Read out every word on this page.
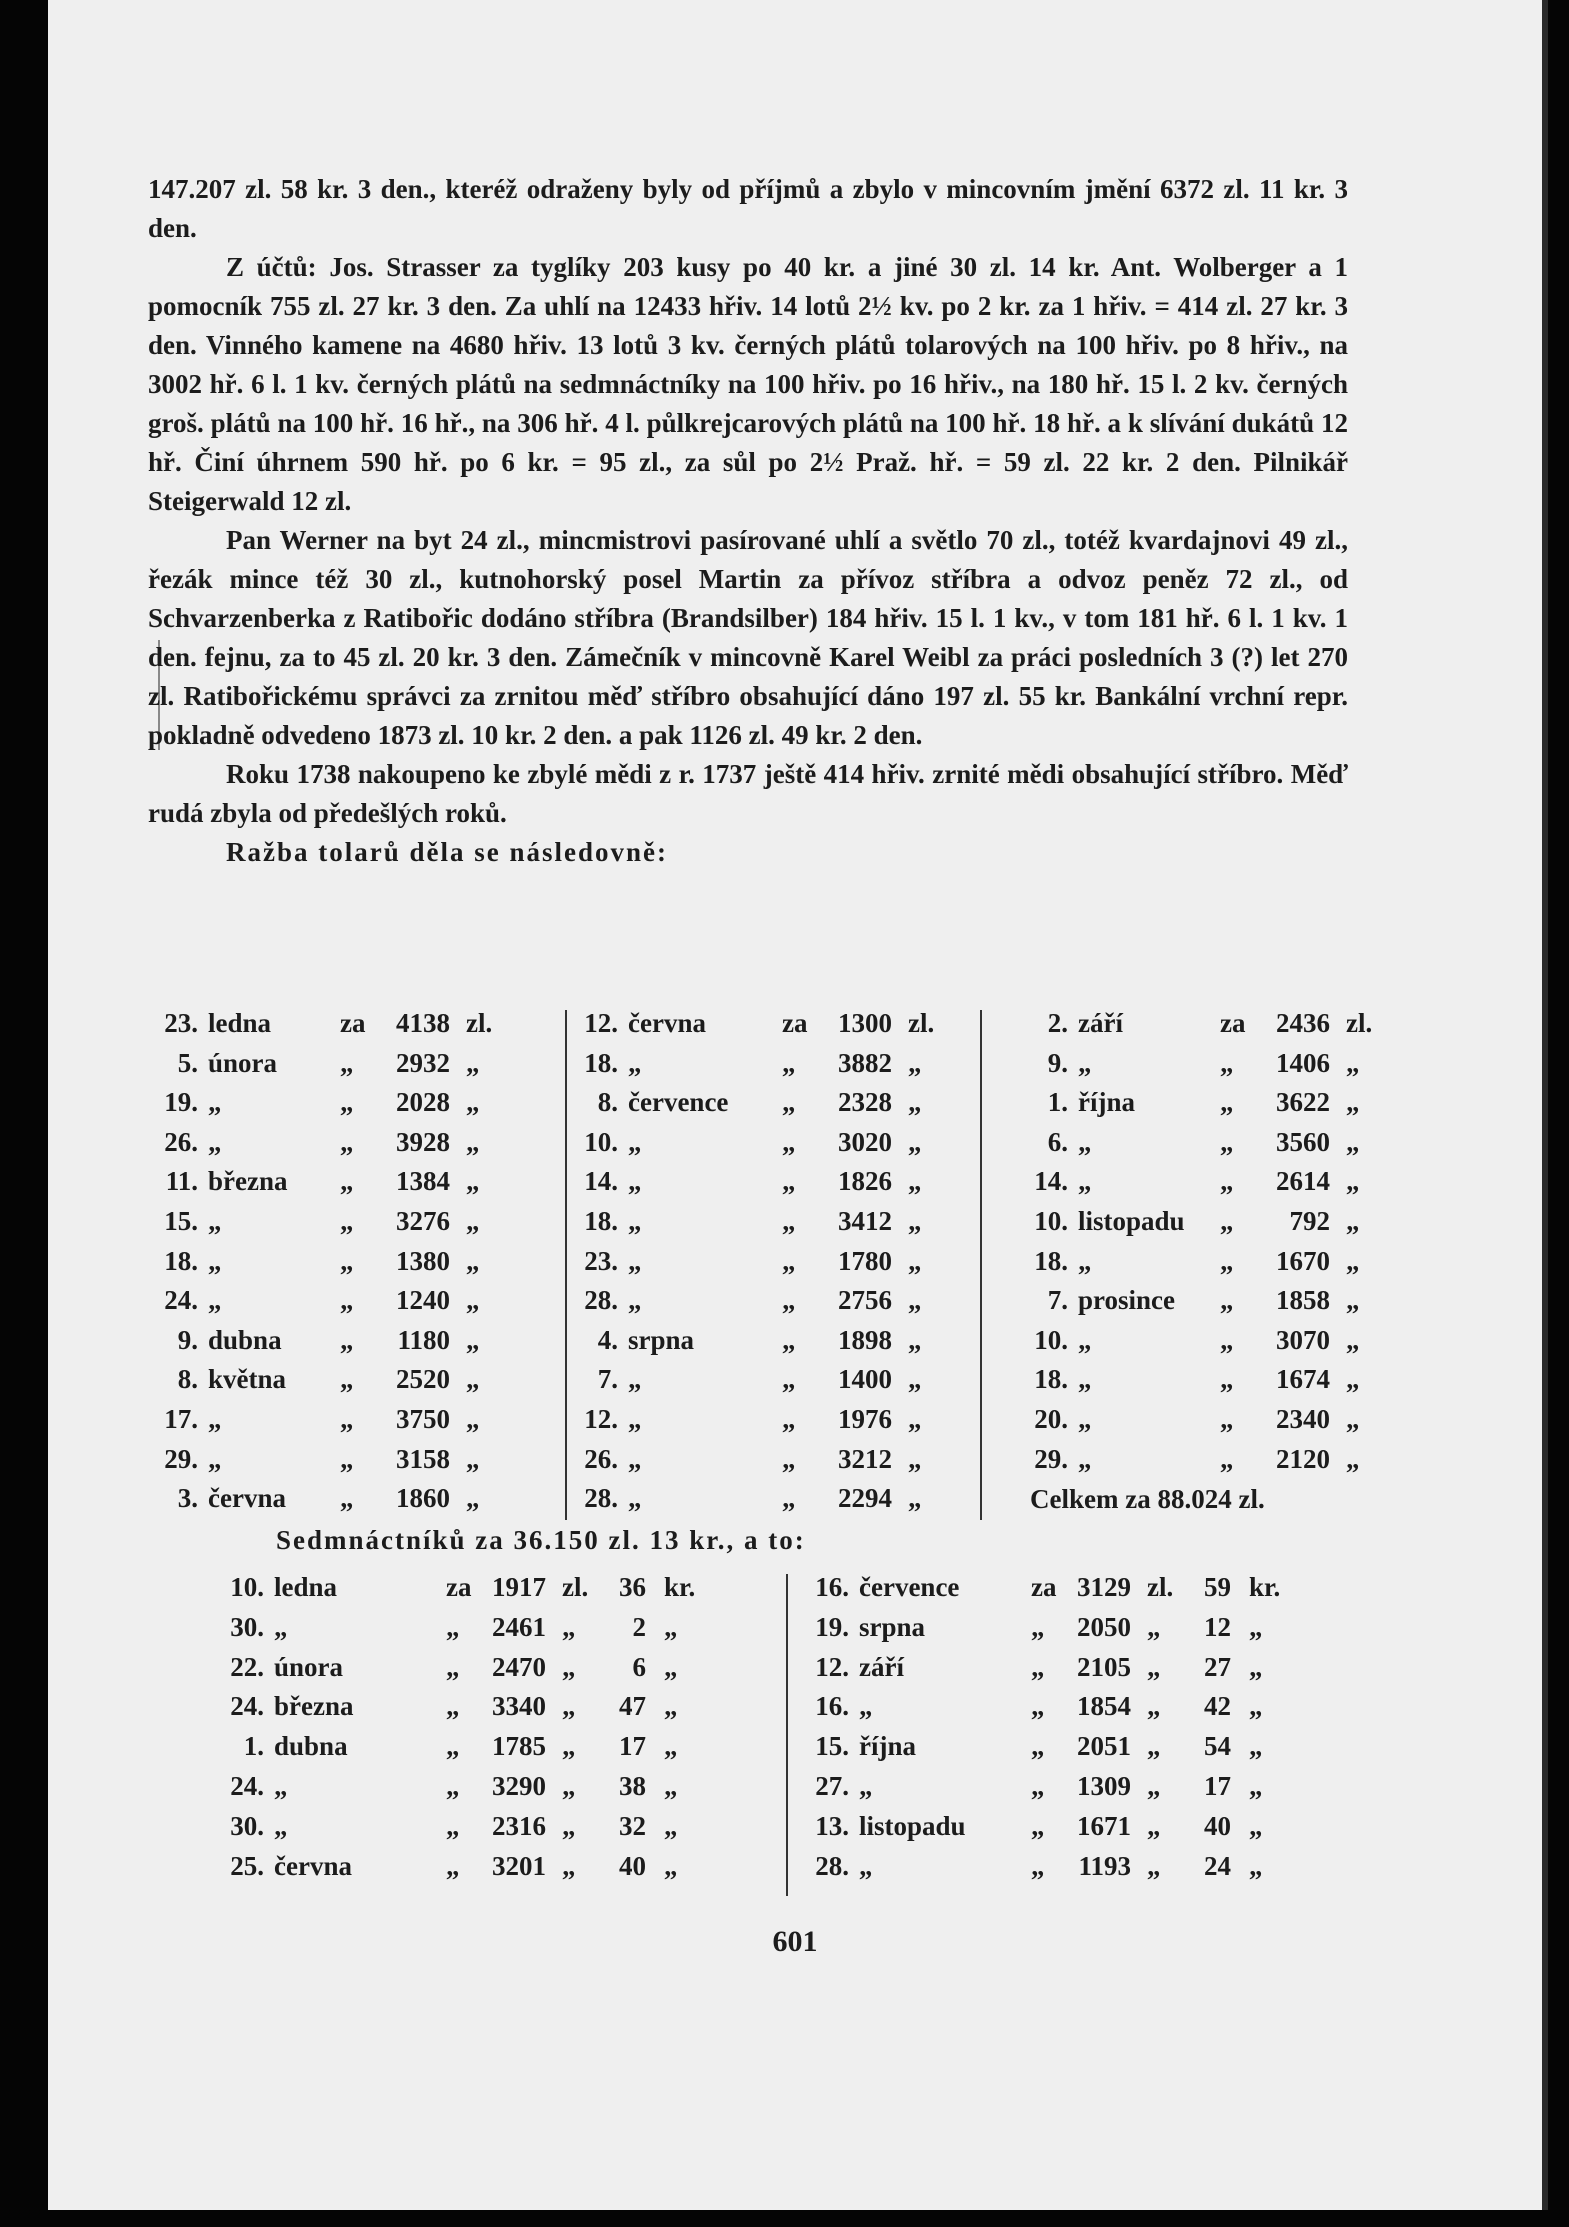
147.207 zl. 58 kr. 3 den., kteréž odraženy byly od příjmů a zbylo v mincovním jmění 6372 zl. 11 kr. 3 den.

Z účtů: Jos. Strasser za tyglíky 203 kusy po 40 kr. a jiné 30 zl. 14 kr. Ant. Wolberger a 1 pomocník 755 zl. 27 kr. 3 den. Za uhlí na 12433 hřiv. 14 lotů 2½ kv. po 2 kr. za 1 hřiv. = 414 zl. 27 kr. 3 den. Vinného kamene na 4680 hřiv. 13 lotů 3 kv. černých plátů tolarových na 100 hřiv. po 8 hřiv., na 3002 hř. 6 l. 1 kv. černých plátů na sedmnáctníky na 100 hřiv. po 16 hřiv., na 180 hř. 15 l. 2 kv. černých groš. plátů na 100 hř. 16 hř., na 306 hř. 4 l. půlkrejcarových plátů na 100 hř. 18 hř. a k slívání dukátů 12 hř. Činí úhrnem 590 hř. po 6 kr. = 95 zl., za sůl po 2½ Praž. hř. = 59 zl. 22 kr. 2 den. Pilnikář Steigerwald 12 zl.

Pan Werner na byt 24 zl., mincmistrovi pasírované uhlí a světlo 70 zl., totéž kvardajnovi 49 zl., řezák mince též 30 zl., kutnohorský posel Martin za přívoz stříbra a odvoz peněz 72 zl., od Schvarzenberka z Ratibořic dodáno stříbra (Brandsilber) 184 hřiv. 15 l. 1 kv., v tom 181 hř. 6 l. 1 kv. 1 den. fejnu, za to 45 zl. 20 kr. 3 den. Zámečník v mincovně Karel Weibl za práci posledních 3 (?) let 270 zl. Ratibořickému správci za zrnitou měď stříbro obsahující dáno 197 zl. 55 kr. Bankální vrchní repr. pokladně odvedeno 1873 zl. 10 kr. 2 den. a pak 1126 zl. 49 kr. 2 den.

Roku 1738 nakoupeno ke zbylé mědi z r. 1737 ještě 414 hřiv. zrnité mědi obsahující stříbro. Měď rudá zbyla od předešlých roků.

Ražba tolarů děla se následovně:

23. ledna	za	4138 zl.
5. února	„	2932 „
19. „	„	2028 „
26. „	„	3928 „
11. března	„	1384 „
15. „	„	3276 „
18. „	„	1380 „
24. „	„	1240 „
9. dubna	„	1180 „
8. května	„	2520 „
17. „	„	3750 „
29. „	„	3158 „
3. června	„	1860 „
12. června	za	1300 zl.
18. „	„	3882 „
8. července	„	2328 „
10. „	„	3020 „
14. „	„	1826 „
18. „	„	3412 „
23. „	„	1780 „
28. „	„	2756 „
4. srpna	„	1898 „
7. „	„	1400 „
12. „	„	1976 „
26. „	„	3212 „
28. „	„	2294 „
2. září	za	2436 zl.
9. „	„	1406 „
1. října	„	3622 „
6. „	„	3560 „
14. „	„	2614 „
10. listopadu	„	792 „
18. „	„	1670 „
7. prosince	„	1858 „
10. „	„	3070 „
18. „	„	1674 „
20. „	„	2340 „
29. „	„	2120 „
Celkem za 88.024 zl.
Sedmnáctníků za 36.150 zl. 13 kr., a to:
10. ledna	za 1917 zl.	36 kr.
30. „	„	2461 „	2 „
22. února	„	2470 „	6 „
24. března	„	3340 „	47 „
1. dubna	„	1785 „	17 „
24. „	„	3290 „	38 „
30. „	„	2316 „	32 „
25. června	„	3201 „	40 „
16. července	za 3129 zl.	59 kr.
19. srpna	„	2050 „	12 „
12. září	„	2105 „	27 „
16. „	„	1854 „	42 „
15. října	„	2051 „	54 „
27. „	„	1309 „	17 „
13. listopadu	„	1671 „	40 „
28. „	„	1193 „	24 „
601
